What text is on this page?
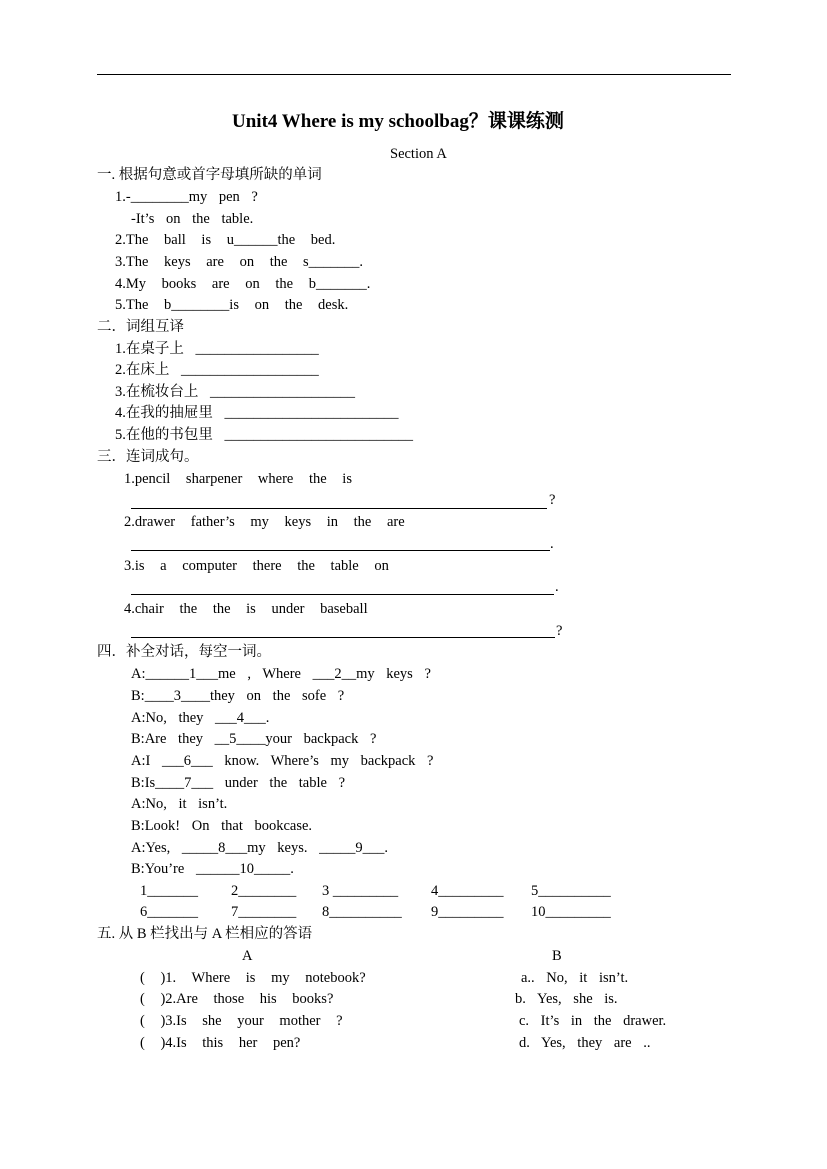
Unit4 Where is my schoolbag？课课练测
Section A
一. 根据句意或首字母填所缺的单词
1.-________my pen ?
-It’s on the table.
2.The ball is u______the bed.
3.The keys are on the s_______.
4.My books are on the b_______.
5.The b________is on the desk.
二．词组互译
1.在桌子上 _________________
2.在床上 ___________________
3.在梳妆台上 ____________________
4.在我的抽屉里 ________________________
5.在他的书包里 __________________________
三．连词成句。
1.pencil sharpener where the is
?
2.drawer father’s my keys in the are
.
3.is a computer there the table on
.
4.chair the the is under baseball
?
四．补全对话，每空一词。
A:______1___me , Where ___2__my keys ?
B:____3____they on the sofe ?
A:No, they ___4___.
B:Are they __5____your backpack ?
A:I ___6___ know. Where’s my backpack ?
B:Is____7___ under the table ?
A:No, it isn’t.
B:Look! On that bookcase.
A:Yes, _____8___my keys. _____9___.
B:You’re ______10_____.
1_______ 2________ 3 _________ 4_________ 5__________
6_______ 7________ 8__________ 9_________ 10_________
五. 从 B 栏找出与 A 栏相应的答语
A	B
( )1. Where is my notebook?
( )2.Are those his books?
( )3.Is she your mother ?
( )4.Is this her pen?
a.. No, it isn’t.
b. Yes, she is.
c. It’s in the drawer.
d. Yes, they are ..
